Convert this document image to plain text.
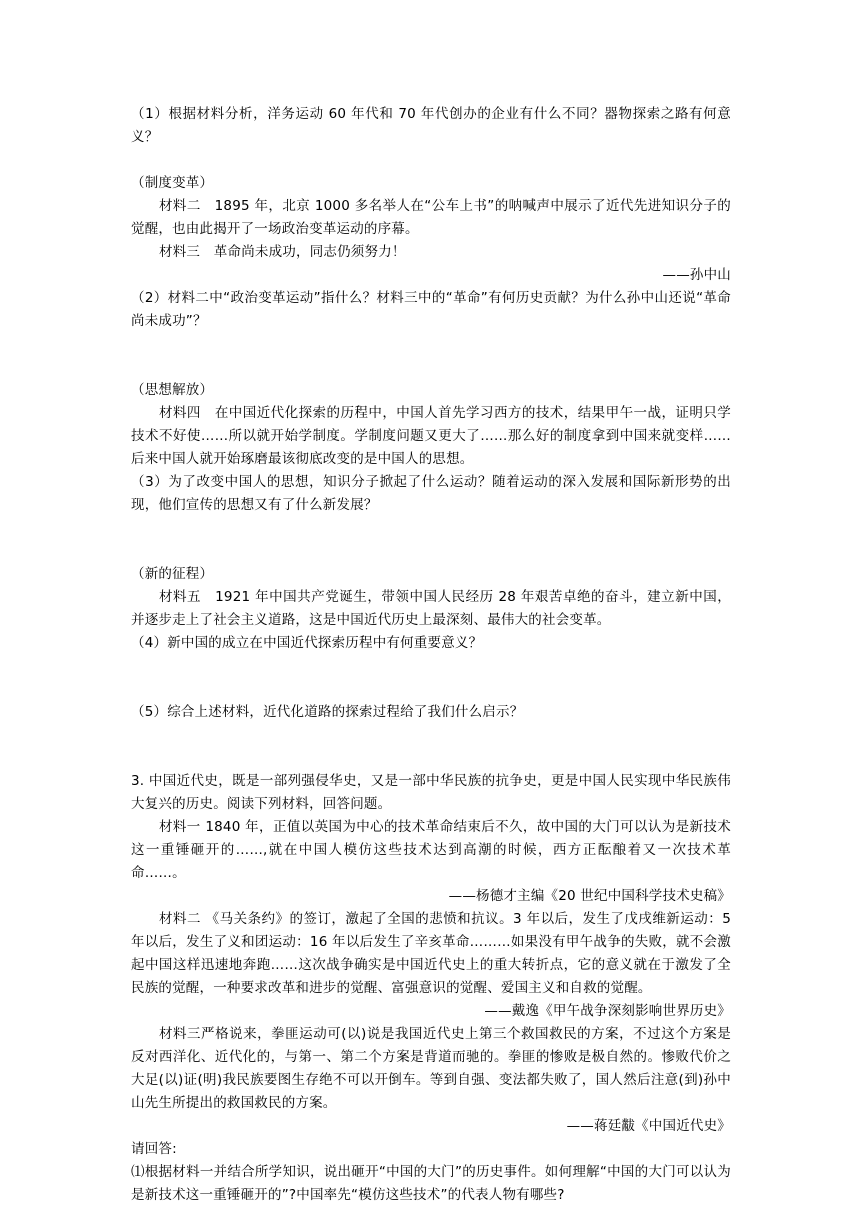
（1）根据材料分析，洋务运动 60 年代和 70 年代创办的企业有什么不同？器物探索之路有何意义？

（制度变革）

材料二　1895 年，北京 1000 多名举人在“公车上书”的呐喊声中展示了近代先进知识分子的觉醒，也由此揭开了一场政治变革运动的序幕。

材料三　革命尚未成功，同志仍须努力！

——孙中山

（2）材料二中“政治变革运动”指什么？材料三中的“革命”有何历史贡献？为什么孙中山还说“革命尚未成功”？

（思想解放）

材料四　在中国近代化探索的历程中，中国人首先学习西方的技术，结果甲午一战，证明只学技术不好使……所以就开始学制度。学制度问题又更大了……那么好的制度拿到中国来就变样……后来中国人就开始琢磨最该彻底改变的是中国人的思想。

（3）为了改变中国人的思想，知识分子掀起了什么运动？随着运动的深入发展和国际新形势的出现，他们宣传的思想又有了什么新发展？

（新的征程）

材料五　1921 年中国共产党诞生，带领中国人民经历 28 年艰苦卓绝的奋斗，建立新中国，并逐步走上了社会主义道路，这是中国近代历史上最深刻、最伟大的社会变革。

（4）新中国的成立在中国近代探索历程中有何重要意义？

（5）综合上述材料，近代化道路的探索过程给了我们什么启示？

3. 中国近代史，既是一部列强侵华史，又是一部中华民族的抗争史，更是中国人民实现中华民族伟大复兴的历史。阅读下列材料，回答问题。

材料一 1840 年，正值以英国为中心的技术革命结束后不久，故中国的大门可以认为是新技术这一重锤砸开的……,就在中国人模仿这些技术达到高潮的时候，西方正酝酿着又一次技术革命……。

——杨德才主编《20 世纪中国科学技术史稿》

材料二 《马关条约》的签订，激起了全国的悲愤和抗议。3 年以后，发生了戊戌维新运动：5 年以后，发生了义和团运动：16 年以后发生了辛亥革命………如果没有甲午战争的失败，就不会激起中国这样迅速地奔跑……这次战争确实是中国近代史上的重大转折点，它的意义就在于激发了全民族的觉醒，一种要求改革和进步的觉醒、富强意识的觉醒、爱国主义和自救的觉醒。

——戴逸《甲午战争深刻影响世界历史》

材料三严格说来，拳匪运动可(以)说是我国近代史上第三个救国救民的方案，不过这个方案是反对西洋化、近代化的，与第一、第二个方案是背道而驰的。拳匪的惨败是极自然的。惨败代价之大足(以)证(明)我民族要图生存绝不可以开倒车。等到自强、变法都失败了，国人然后注意(到)孙中山先生所提出的救国救民的方案。

——蒋廷黻《中国近代史》

请回答:

⑴根据材料一并结合所学知识，说出砸开“中国的大门”的历史事件。如何理解“中国的大门可以认为是新技术这一重锤砸开的”?中国率先“模仿这些技术”的代表人物有哪些?
